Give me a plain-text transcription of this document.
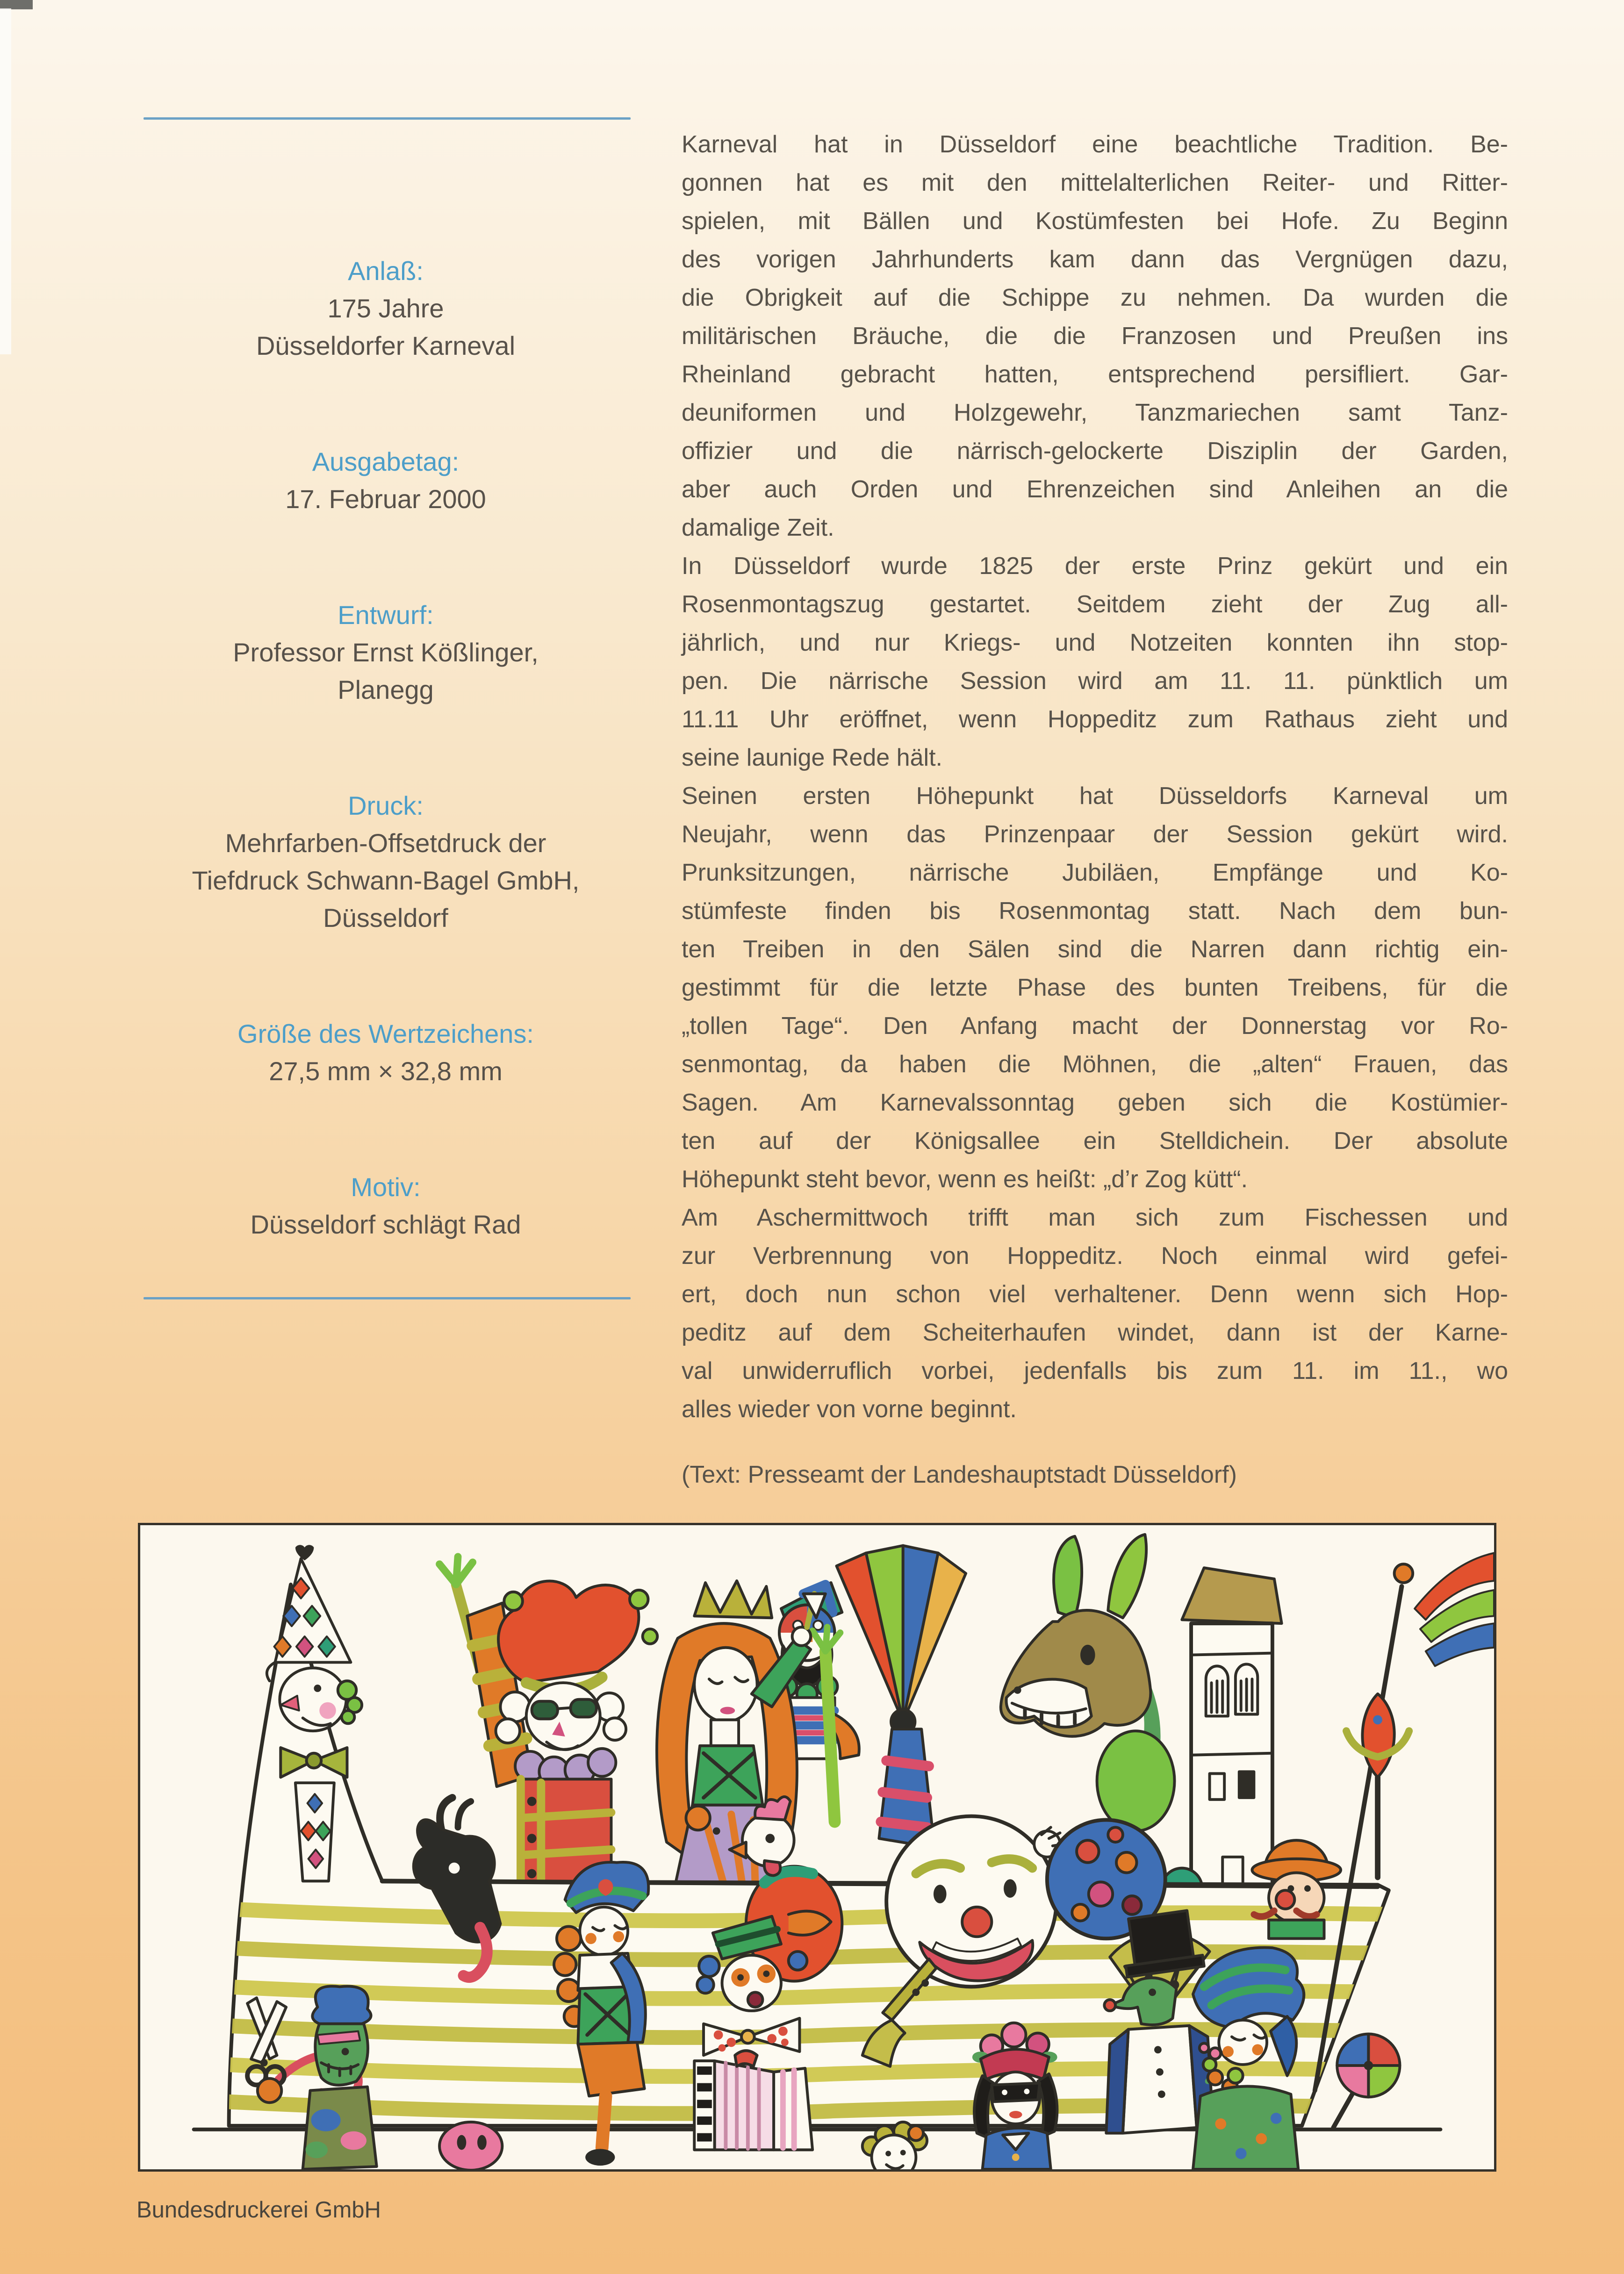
Anlaß:
175 Jahre
Düsseldorfer Karneval
Ausgabetag:
17. Februar 2000
Entwurf:
Professor Ernst Kößlinger,
Planegg
Druck:
Mehrfarben-Offsetdruck der
Tiefdruck Schwann-Bagel GmbH,
Düsseldorf
Größe des Wertzeichens:
27,5 mm × 32,8 mm
Motiv:
Düsseldorf schlägt Rad
Karneval hat in Düsseldorf eine beachtliche Tradition. Be-
gonnen hat es mit den mittelalterlichen Reiter- und Ritter-
spielen, mit Bällen und Kostümfesten bei Hofe. Zu Beginn
des vorigen Jahrhunderts kam dann das Vergnügen dazu,
die Obrigkeit auf die Schippe zu nehmen. Da wurden die
militärischen Bräuche, die die Franzosen und Preußen ins
Rheinland gebracht hatten, entsprechend persifliert. Gar-
deuniformen und Holzgewehr, Tanzmariechen samt Tanz-
offizier und die närrisch-gelockerte Disziplin der Garden,
aber auch Orden und Ehrenzeichen sind Anleihen an die
damalige Zeit.
In Düsseldorf wurde 1825 der erste Prinz gekürt und ein
Rosenmontagszug gestartet. Seitdem zieht der Zug all-
jährlich, und nur Kriegs- und Notzeiten konnten ihn stop-
pen. Die närrische Session wird am 11. 11. pünktlich um
11.11 Uhr eröffnet, wenn Hoppeditz zum Rathaus zieht und
seine launige Rede hält.
Seinen ersten Höhepunkt hat Düsseldorfs Karneval um
Neujahr, wenn das Prinzenpaar der Session gekürt wird.
Prunksitzungen, närrische Jubiläen, Empfänge und Ko-
stümfeste finden bis Rosenmontag statt. Nach dem bun-
ten Treiben in den Sälen sind die Narren dann richtig ein-
gestimmt für die letzte Phase des bunten Treibens, für die
„tollen Tage“. Den Anfang macht der Donnerstag vor Ro-
senmontag, da haben die Möhnen, die „alten“ Frauen, das
Sagen. Am Karnevalssonntag geben sich die Kostümier-
ten auf der Königsallee ein Stelldichein. Der absolute
Höhepunkt steht bevor, wenn es heißt: „d’r Zog kütt“.
Am Aschermittwoch trifft man sich zum Fischessen und
zur Verbrennung von Hoppeditz. Noch einmal wird gefei-
ert, doch nun schon viel verhaltener. Denn wenn sich Hop-
peditz auf dem Scheiterhaufen windet, dann ist der Karne-
val unwiderruflich vorbei, jedenfalls bis zum 11. im 11., wo
alles wieder von vorne beginnt.
(Text: Presseamt der Landeshauptstadt Düsseldorf)
Bundesdruckerei GmbH
